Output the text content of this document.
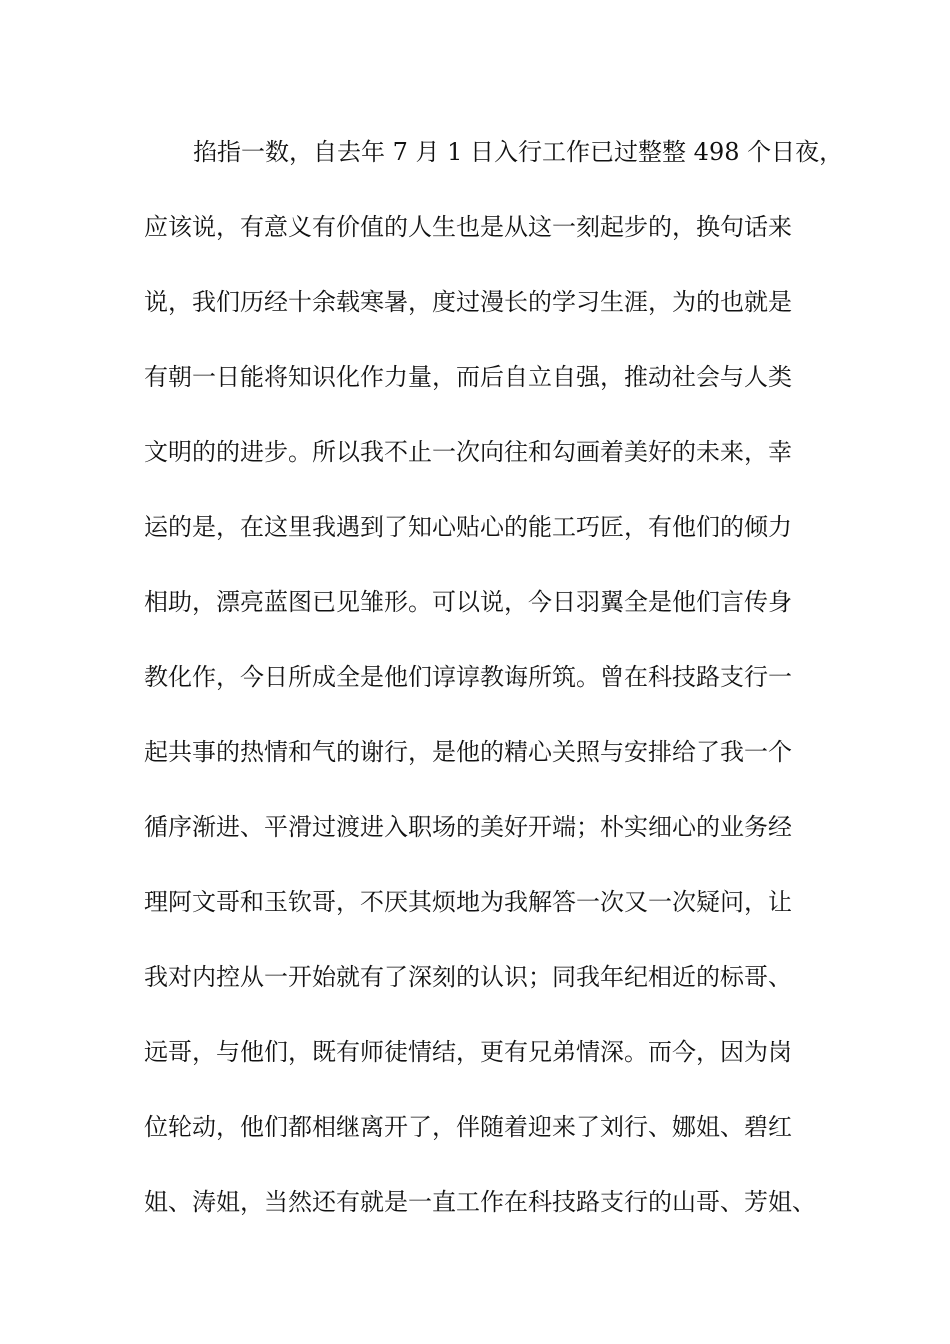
掐指一数，自去年 7 月 1 日入行工作已过整整 498 个日夜，
应该说，有意义有价值的人生也是从这一刻起步的，换句话来
说，我们历经十余载寒暑，度过漫长的学习生涯，为的也就是
有朝一日能将知识化作力量，而后自立自强，推动社会与人类
文明的的进步。所以我不止一次向往和勾画着美好的未来，幸
运的是，在这里我遇到了知心贴心的能工巧匠，有他们的倾力
相助，漂亮蓝图已见雏形。可以说，今日羽翼全是他们言传身
教化作，今日所成全是他们谆谆教诲所筑。曾在科技路支行一
起共事的热情和气的谢行，是他的精心关照与安排给了我一个
循序渐进、平滑过渡进入职场的美好开端；朴实细心的业务经
理阿文哥和玉钦哥，不厌其烦地为我解答一次又一次疑问，让
我对内控从一开始就有了深刻的认识；同我年纪相近的标哥、
远哥，与他们，既有师徒情结，更有兄弟情深。而今，因为岗
位轮动，他们都相继离开了，伴随着迎来了刘行、娜姐、碧红
姐、涛姐，当然还有就是一直工作在科技路支行的山哥、芳姐、
